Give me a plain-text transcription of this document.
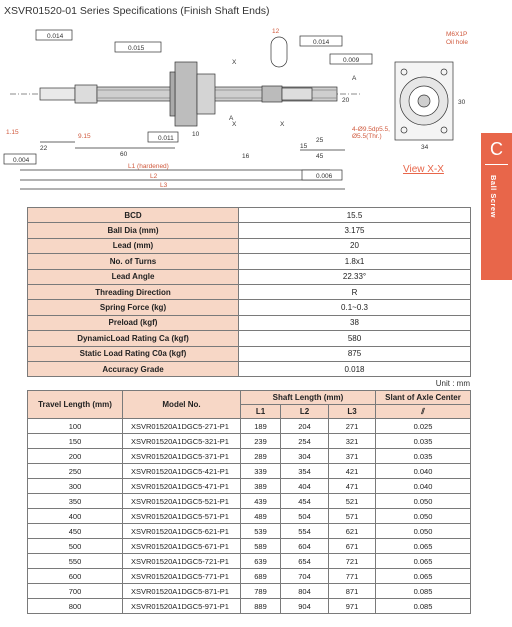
XSVR01520-01 Series Specifications (Finish Shaft Ends)
0.014
0.015
0.011
0.004
0.014
0.009
0.006
L1 (hardened)
L2
L3
M6X1P
Oil hole
4-Ø9.5dp5.5,
Ø5.5(Thr.)
20
12
34
30
22
60
10
15
45
25
16
1.15
9.15
X
X	X
A
A
View X-X
C
Ball Screw
BCD	15.5
Ball Dia (mm)	3.175
Lead (mm)	20
No. of Turns	1.8x1
Lead Angle	22.33°
Threading Direction	R
Spring Force (kg)	0.1~0.3
Preload (kgf)	38
DynamicLoad Rating Ca (kgf)	580
Static Load Rating C0a (kgf)	875
Accuracy Grade	0.018
Unit : mm
Travel Length (mm)	Model No.	Shaft Length (mm)			Slant of Axle Center
		L1	L2	L3	⫽
100	XSVR01520A1DGC5-271-P1	189	204	271	0.025
150	XSVR01520A1DGC5-321-P1	239	254	321	0.035
200	XSVR01520A1DGC5-371-P1	289	304	371	0.035
250	XSVR01520A1DGC5-421-P1	339	354	421	0.040
300	XSVR01520A1DGC5-471-P1	389	404	471	0.040
350	XSVR01520A1DGC5-521-P1	439	454	521	0.050
400	XSVR01520A1DGC5-571-P1	489	504	571	0.050
450	XSVR01520A1DGC5-621-P1	539	554	621	0.050
500	XSVR01520A1DGC5-671-P1	589	604	671	0.065
550	XSVR01520A1DGC5-721-P1	639	654	721	0.065
600	XSVR01520A1DGC5-771-P1	689	704	771	0.065
700	XSVR01520A1DGC5-871-P1	789	804	871	0.085
800	XSVR01520A1DGC5-971-P1	889	904	971	0.085
